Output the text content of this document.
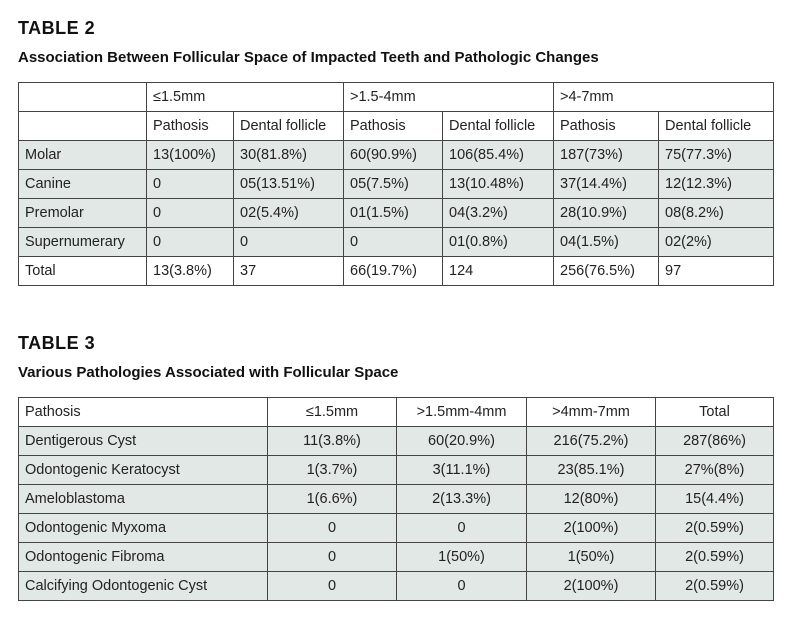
TABLE 2
Association Between Follicular Space of Impacted Teeth and Pathologic Changes
	≤1.5mm		>1.5-4mm		>4-7mm	
	Pathosis	Dental follicle	Pathosis	Dental follicle	Pathosis	Dental follicle
Molar	13(100%)	30(81.8%)	60(90.9%)	106(85.4%)	187(73%)	75(77.3%)
Canine	0	05(13.51%)	05(7.5%)	13(10.48%)	37(14.4%)	12(12.3%)
Premolar	0	02(5.4%)	01(1.5%)	04(3.2%)	28(10.9%)	08(8.2%)
Supernumerary	0	0	0	01(0.8%)	04(1.5%)	02(2%)
Total	13(3.8%)	37	66(19.7%)	124	256(76.5%)	97
TABLE 3
Various Pathologies Associated with Follicular Space
Pathosis	≤1.5mm	>1.5mm-4mm	>4mm-7mm	Total
Dentigerous Cyst	11(3.8%)	60(20.9%)	216(75.2%)	287(86%)
Odontogenic Keratocyst	1(3.7%)	3(11.1%)	23(85.1%)	27%(8%)
Ameloblastoma	1(6.6%)	2(13.3%)	12(80%)	15(4.4%)
Odontogenic Myxoma	0	0	2(100%)	2(0.59%)
Odontogenic Fibroma	0	1(50%)	1(50%)	2(0.59%)
Calcifying Odontogenic Cyst	0	0	2(100%)	2(0.59%)
